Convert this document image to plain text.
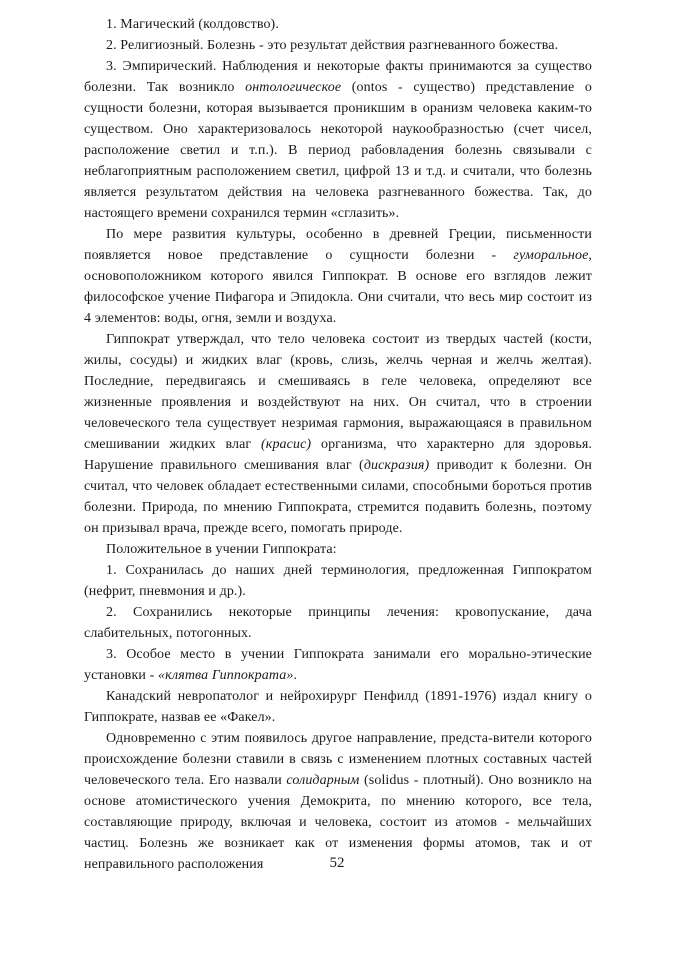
1. Магический (колдовство).

2. Религиозный. Болезнь - это результат действия разгневанного божества.

3. Эмпирический. Наблюдения и некоторые факты принимаются за существо болезни. Так возникло онтологическое (ontos - существо) представление о сущности болезни, которая вызывается проникшим в оранизм человека каким-то существом. Оно характеризовалось некоторой наукообразностью (счет чисел, расположение светил и т.п.). В период рабовладения болезнь связывали с неблагоприятным расположением светил, цифрой 13 и т.д. и считали, что болезнь является результатом действия на человека разгневанного божества. Так, до настоящего времени сохранился термин «сглазить».

По мере развития культуры, особенно в древней Греции, письменности появляется новое представление о сущности болезни - гуморальное, основоположником которого явился Гиппократ. В основе его взглядов лежит философское учение Пифагора и Эпидокла. Они считали, что весь мир состоит из 4 элементов: воды, огня, земли и воздуха.

Гиппократ утверждал, что тело человека состоит из твердых частей (кости, жилы, сосуды) и жидких влаг (кровь, слизь, желчь черная и желчь желтая). Последние, передвигаясь и смешиваясь в геле человека, определяют все жизненные проявления и воздействуют на них. Он считал, что в строении человеческого тела существует незримая гармония, выражающаяся в правильном смешивании жидких влаг (красис) организма, что характерно для здоровья. Нарушение правильного смешивания влаг (дискразия) приводит к болезни. Он считал, что человек обладает естественными силами, способными бороться против болезни. Природа, по мнению Гиппократа, стремится подавить болезнь, поэтому он призывал врача, прежде всего, помогать природе.

Положительное в учении Гиппократа:

1. Сохранилась до наших дней терминология, предложенная Гиппократом (нефрит, пневмония и др.).

2. Сохранились некоторые принципы лечения: кровопускание, дача слабительных, потогонных.

3. Особое место в учении Гиппократа занимали его морально-этические установки - «клятва Гиппократа».

Канадский невропатолог и нейрохирург Пенфилд (1891-1976) издал книгу о Гиппократе, назвав ее «Факел».

Одновременно с этим появилось другое направление, предста-вители которого происхождение болезни ставили в связь с изменением плотных составных частей человеческого тела. Его назвали солидарным (solidus - плотный). Оно возникло на основе атомистического учения Демокрита, по мнению которого, все тела, составляющие природу, включая и человека, состоит из атомов - мельчайших частиц. Болезнь же возникает как от изменения формы атомов, так и от неправильного расположения	52
